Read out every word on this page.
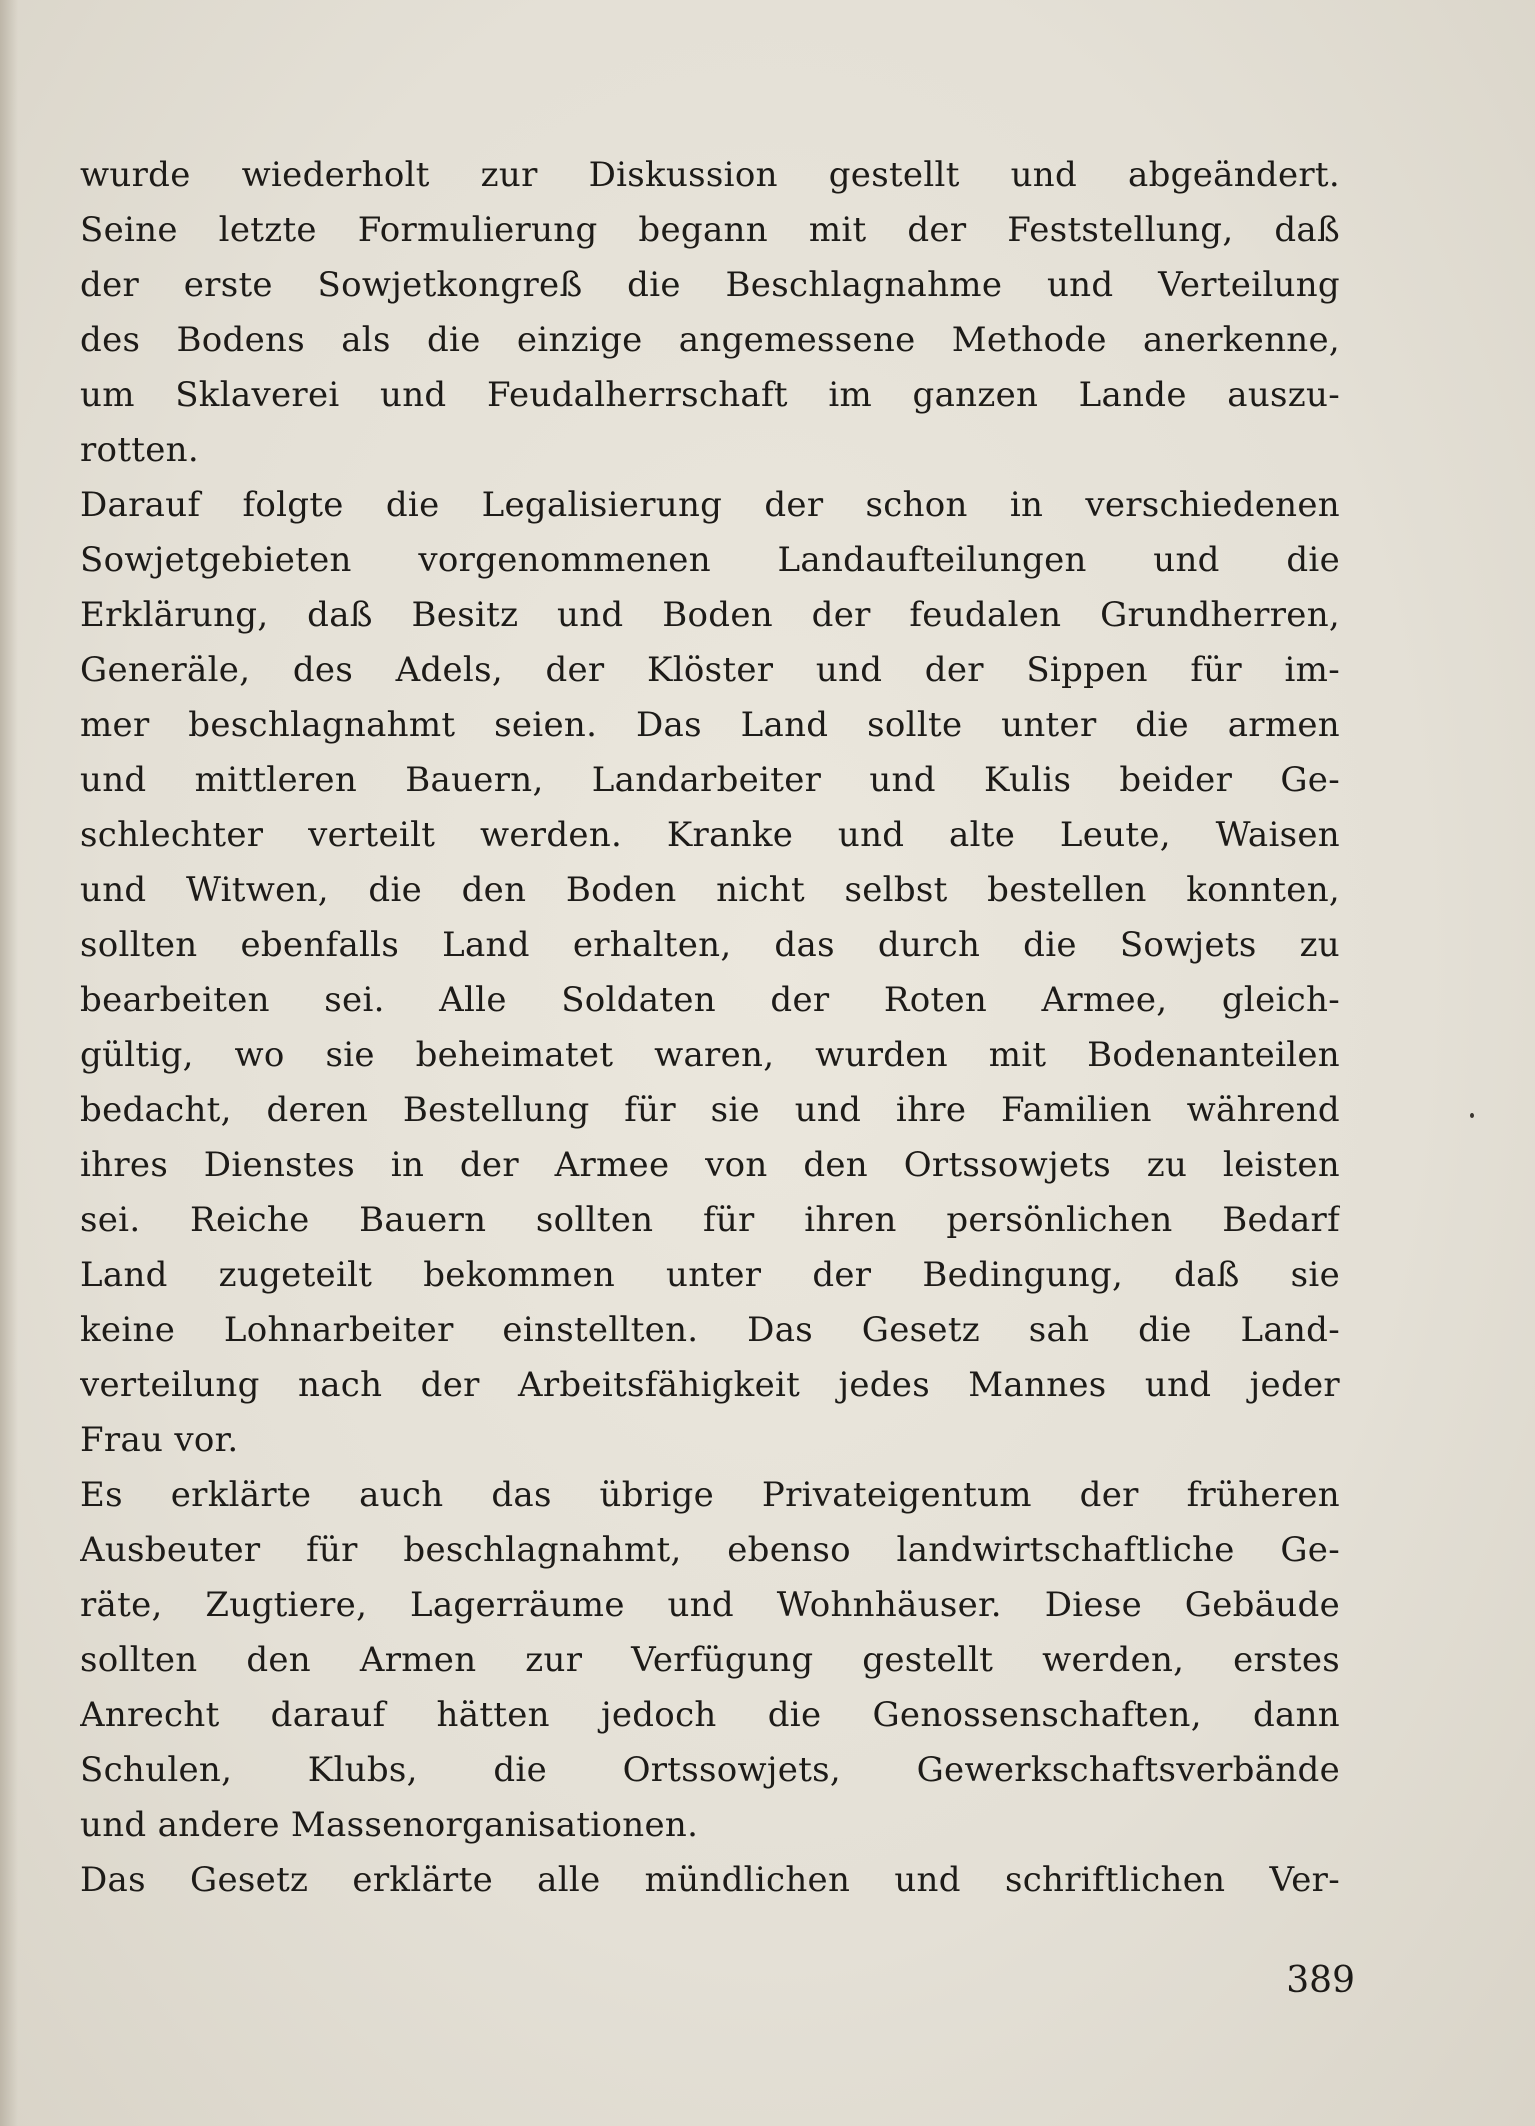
wurde wiederholt zur Diskussion gestellt und abgeändert.
Seine letzte Formulierung begann mit der Feststellung, daß
der erste Sowjetkongreß die Beschlagnahme und Verteilung
des Bodens als die einzige angemessene Methode anerkenne,
um Sklaverei und Feudalherrschaft im ganzen Lande auszu-
rotten.
Darauf folgte die Legalisierung der schon in verschiedenen
Sowjetgebieten vorgenommenen Landaufteilungen und die
Erklärung, daß Besitz und Boden der feudalen Grundherren,
Generäle, des Adels, der Klöster und der Sippen für im-
mer beschlagnahmt seien. Das Land sollte unter die armen
und mittleren Bauern, Landarbeiter und Kulis beider Ge-
schlechter verteilt werden. Kranke und alte Leute, Waisen
und Witwen, die den Boden nicht selbst bestellen konnten,
sollten ebenfalls Land erhalten, das durch die Sowjets zu
bearbeiten sei. Alle Soldaten der Roten Armee, gleich-
gültig, wo sie beheimatet waren, wurden mit Bodenanteilen
bedacht, deren Bestellung für sie und ihre Familien während
ihres Dienstes in der Armee von den Ortssowjets zu leisten
sei. Reiche Bauern sollten für ihren persönlichen Bedarf
Land zugeteilt bekommen unter der Bedingung, daß sie
keine Lohnarbeiter einstellten. Das Gesetz sah die Land-
verteilung nach der Arbeitsfähigkeit jedes Mannes und jeder
Frau vor.
Es erklärte auch das übrige Privateigentum der früheren
Ausbeuter für beschlagnahmt, ebenso landwirtschaftliche Ge-
räte, Zugtiere, Lagerräume und Wohnhäuser. Diese Gebäude
sollten den Armen zur Verfügung gestellt werden, erstes
Anrecht darauf hätten jedoch die Genossenschaften, dann
Schulen, Klubs, die Ortssowjets, Gewerkschaftsverbände
und andere Massenorganisationen.
Das Gesetz erklärte alle mündlichen und schriftlichen Ver-
389
